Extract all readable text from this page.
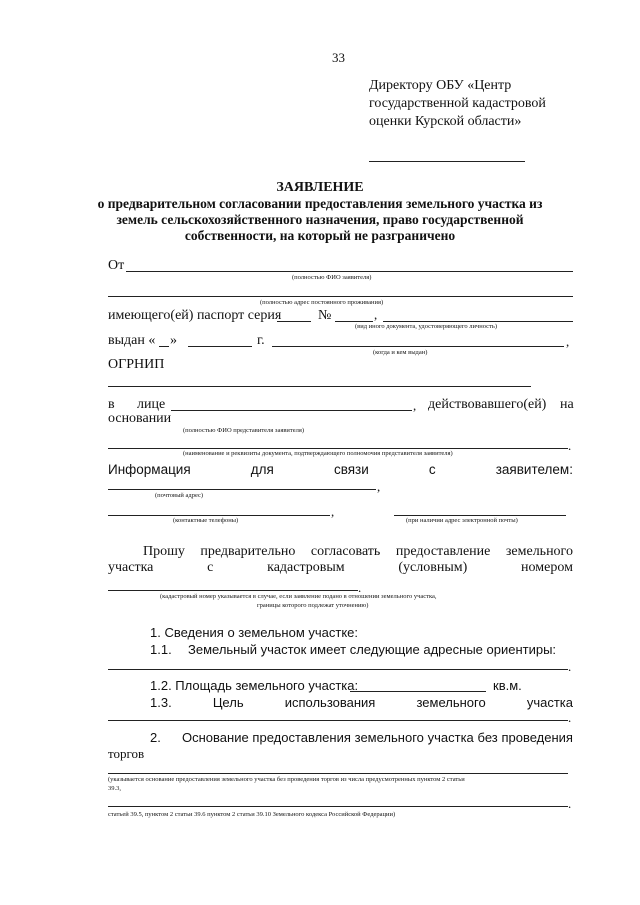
33
Директору ОБУ «Центр
государственной кадастровой
оценки Курской области»
ЗАЯВЛЕНИЕ
о предварительном согласовании предоставления земельного участка из
земель сельскохозяйственного назначения, право государственной
собственности, на который не разграничено
От
(полностью ФИО заявителя)
(полностью адрес постоянного проживания)
имеющего(ей) паспорт серия	№	,
(вид иного документа, удостоверяющего личность)
выдан « »	г.	,
(когда и кем выдан)
ОГРНИП
в лице	, действовавшего(ей) на
основании
(полностью ФИО представителя заявителя)
.
(наименование и реквизиты документа, подтверждающего полномочия представителя заявителя)
Информация	для	связи	с	заявителем:
,
(почтовый адрес)
,
(контактные телефоны)	(при наличии адрес электронной почты)
Прошу предварительно согласовать предоставление земельного
участка	с	кадастровым	(условным)	номером
.
(кадастровый номер указывается в случае, если заявление подано в отношении земельного участка,
границы которого подлежат уточнению)
1. Сведения о земельном участке:
1.1. Земельный участок имеет следующие адресные ориентиры:
.
1.2. Площадь земельного участка:	кв.м.
1.3.	Цель	использования	земельного	участка
.
2. Основание предоставления земельного участка без проведения
торгов
(указывается основание предоставления земельного участка без проведения торгов из числа предусмотренных пунктом 2 статьи
39.3,
.
статьей 39.5, пунктом 2 статьи 39.6 пунктом 2 статьи 39.10 Земельного кодекса Российской Федерации)
